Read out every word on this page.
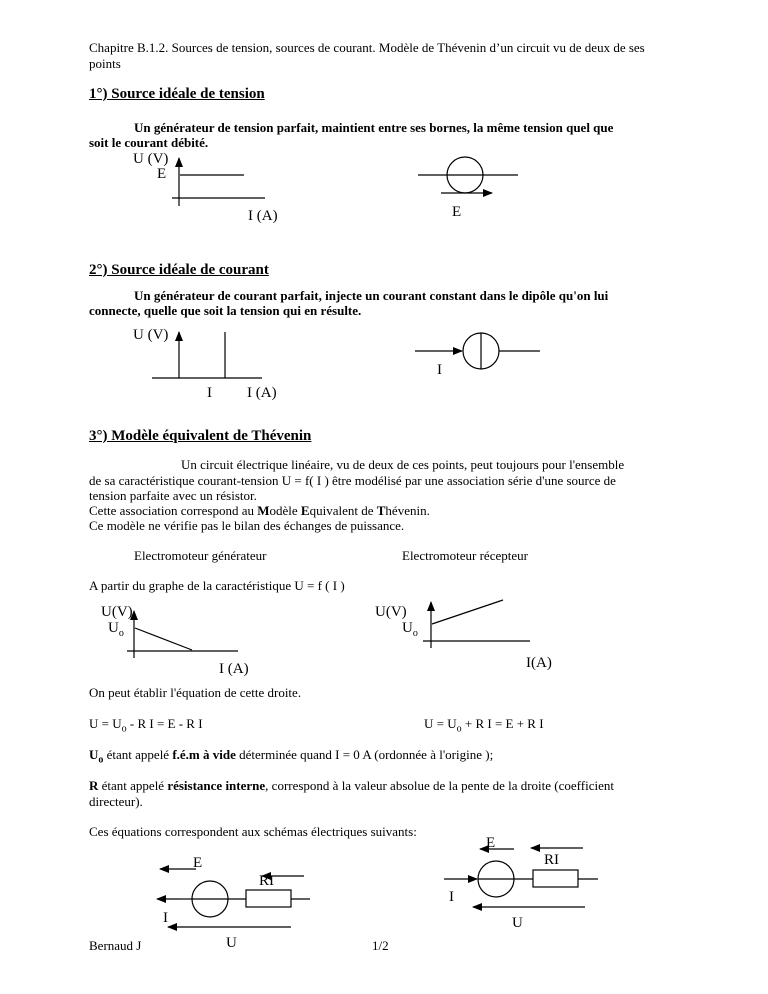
Chapitre B.1.2. Sources de tension, sources de courant. Modèle de Thévenin d’un circuit vu de deux de ses
points
1°) Source idéale de tension
Un générateur de tension parfait, maintient entre ses bornes, la même tension quel que
soit le courant débité.
U (V)
E
I (A)	E
2°) Source idéale de courant
Un générateur de courant parfait, injecte un courant constant dans le dipôle qu'on lui
connecte, quelle que soit la tension qui en résulte.
U (V)
I I (A)
I
3°) Modèle équivalent de Thévenin
Un circuit électrique linéaire, vu de deux de ces points, peut toujours pour l'ensemble
de sa caractéristique courant-tension U = f( I ) être modélisé par une association série d'une source de
tension parfaite avec un résistor.
Cette association correspond au Modèle Equivalent de Thévenin.
Ce modèle ne vérifie pas le bilan des échanges de puissance.
Electromoteur générateur	Electromoteur récepteur
A partir du graphe de la caractéristique U = f ( I )
U(V)
$U_o$
I (A)
U(V)
$U_o$
I(A)
On peut établir l'équation de cette droite.
$U = U_o - R$ I = E - R I	$U = U_o + R$ I = E + R I
$U_o$ étant appelé f.é.m à vide déterminée quand I = 0 A (ordonnée à l'origine );
R étant appelé résistance interne, correspond à la valeur absolue de la pente de la droite (coefficient
directeur).
Ces équations correspondent aux schémas électriques suivants:
E
RI
I
U
E
RI
I
U
Bernaud J	1/2
